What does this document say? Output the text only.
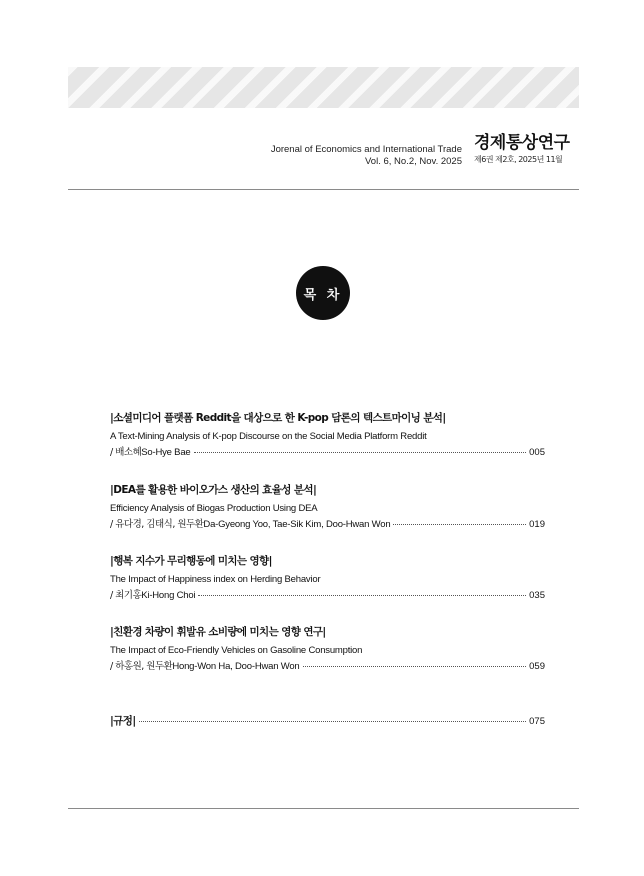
Jorenal of Economics and International Trade
Vol. 6, No.2, Nov. 2025
경제통상연구
제6권 제2호, 2025년 11월
목 차
|소셜미디어 플랫폼 Reddit을 대상으로 한 K-pop 담론의 텍스트마이닝 분석|
A Text-Mining Analysis of K-pop Discourse on the Social Media Platform Reddit
/ 배소혜 So-Hye Bae	005
|DEA를 활용한 바이오가스 생산의 효율성 분석|
Efficiency Analysis of Biogas Production Using DEA
/ 유다경, 김태식, 원두환 Da-Gyeong Yoo, Tae-Sik Kim, Doo-Hwan Won	019
|행복 지수가 무리행동에 미치는 영향|
The Impact of Happiness index on Herding Behavior
/ 최기홍 Ki-Hong Choi	035
|친환경 차량이 휘발유 소비량에 미치는 영향 연구|
The Impact of Eco-Friendly Vehicles on Gasoline Consumption
/ 하홍원, 원두환 Hong-Won Ha, Doo-Hwan Won	059
|규정|	075
